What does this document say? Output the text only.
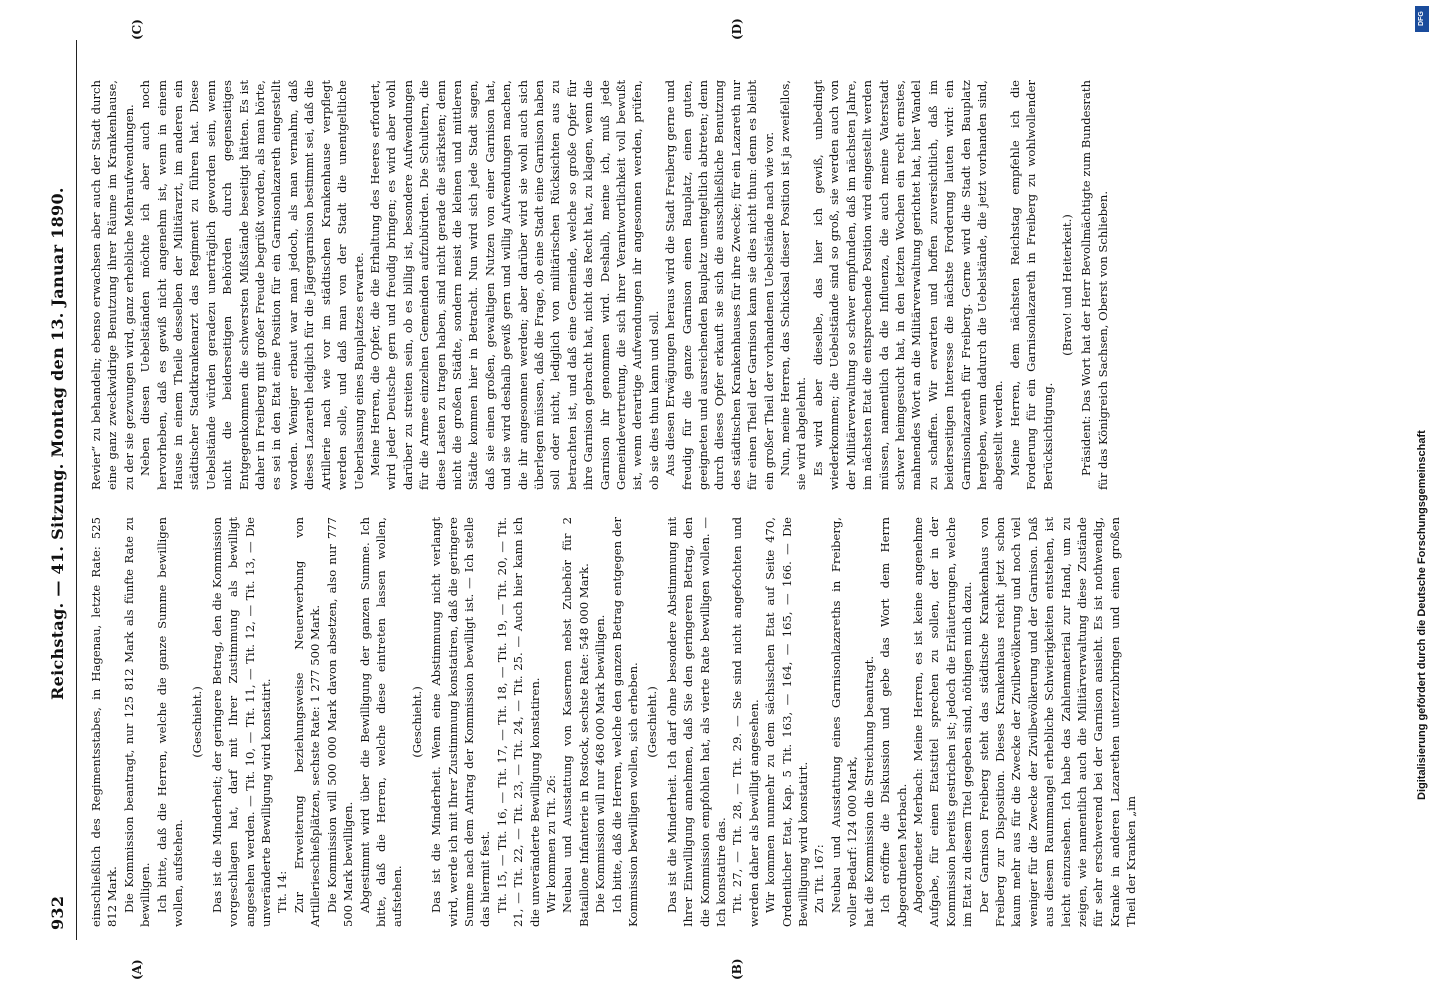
932
Reichstag. — 41. Sitzung. Montag den 13. Januar 1890.
(A)	(B)
(C)	(D)

einschließlich des Regimentsstabes, in Hagenau, letzte Rate: 525 812 Mark. Die Kommission beantragt, nur 125 812 Mark als fünfte Rate zu bewilligen. Ich bitte, daß die Herren, welche die ganze Summe bewilligen wollen, aufstehen.

(Geschieht.) Das ist die Minderheit; der geringere Betrag, den die Kommission vorgeschlagen hat, darf mit Ihrer Zustimmung als bewilligt angesehen werden. — Tit. 10, — Tit. 11, — Tit. 12, — Tit. 13, — Die unveränderte Bewilligung wird konstatirt. Tit. 14: Zur Erweiterung beziehungsweise Neuerwerbung von Artillerieschießplätzen, sechste Rate: 1 277 500 Mark. Die Kommission will 500 000 Mark davon absetzen, also nur 777 500 Mark bewilligen. Abgestimmt wird über die Bewilligung der ganzen Summe. Ich bitte, daß die Herren, welche diese eintreten lassen wollen, aufstehen.

(Geschieht.) Das ist die Minderheit. Wenn eine Abstimmung nicht verlangt wird, werde ich mit Ihrer Zustimmung konstatiren, daß die geringere Summe nach dem Antrag der Kommission bewilligt ist. — Ich stelle das hiermit fest. Tit. 15, — Tit. 16, — Tit. 17, — Tit. 18, — Tit. 19, — Tit. 20, — Tit. 21, — Tit. 22, — Tit. 23, — Tit. 24, — Tit. 25. — Auch hier kann ich die unveränderte Bewilligung konstatiren. Wir kommen zu Tit. 26: Neubau und Ausstattung von Kasernen nebst Zubehör für 2 Bataillone Infanterie in Rostock, sechste Rate: 548 000 Mark. Die Kommission will nur 468 000 Mark bewilligen. Ich bitte, daß die Herren, welche den ganzen Betrag entgegen der Kommission bewilligen wollen, sich erheben. (Geschieht.) Das ist die Minderheit. Ich darf ohne besondere Abstimmung mit Ihrer Einwilligung annehmen, daß Sie den geringeren Betrag, den die Kommission empfohlen hat, als vierte Rate bewilligen wollen. — Ich konstatire das. Tit. 27, — Tit. 28, — Tit. 29. — Sie sind nicht angefochten und werden daher als bewilligt angesehen. Wir kommen nunmehr zu dem sächsischen Etat auf Seite 470, Ordentlicher Etat, Kap. 5 Tit. 163, — 164, — 165, — 166. — Die Bewilligung wird konstatirt. Zu Tit. 167: Neubau und Ausstattung eines Garnisonlazareths in Freiberg, voller Bedarf: 124 000 Mark, hat die Kommission die Streichung beantragt. Ich eröffne die Diskussion und gebe das Wort dem Herrn Abgeordneten Merbach. Abgeordneter Merbach: Meine Herren, es ist keine angenehme Aufgabe, für einen Etatstitel sprechen zu sollen, der in der Kommission bereits gestrichen ist; jedoch die Erläuterungen, welche im Etat zu diesem Titel gegeben sind, nöthigen mich dazu. Der Garnison Freiberg steht das städtische Krankenhaus von Freiberg zur Disposition. Dieses Krankenhaus reicht jetzt schon kaum mehr aus für die Zwecke der Zivilbevölkerung und noch viel weniger für die Zwecke der Zivilbevölkerung und der Garnison. Daß aus diesem Raummangel erhebliche Schwierigkeiten entstehen, ist leicht einzusehen. Ich habe das Zahlenmaterial zur Hand, um zu zeigen, wie namentlich auch die Militärverwaltung diese Zustände für sehr erschwerend bei der Garnison ansieht. Es ist nothwendig, Kranke in anderen Lazarethen unterzubringen und einen großen Theil der Kranken „im

Revier“ zu behandeln; ebenso erwachsen aber auch der Stadt durch eine ganz zweckwidrige Benutzung ihrer Räume im Krankenhause, zu der sie gezwungen wird, ganz erhebliche Mehraufwendungen. Neben diesen Uebelständen möchte ich aber auch noch hervorheben, daß es gewiß nicht angenehm ist, wenn in einem Hause in einem Theile desselben der Militärarzt, im anderen ein städtischer Stadtkrankenarzt das Regiment zu führen hat. Diese Uebelstände würden geradezu unerträglich geworden sein, wenn nicht die beiderseitigen Behörden durch gegenseitiges Entgegenkommen die schwersten Mißstände beseitigt hätten. Es ist daher in Freiberg mit großer Freude begrüßt worden, als man hörte, es sei in den Etat eine Position für ein Garnisonlazareth eingestellt worden. Weniger erbaut war man jedoch, als man vernahm, daß dieses Lazareth lediglich für die Jägergarnison bestimmt sei, daß die Artillerie nach wie vor im städtischen Krankenhause verpflegt werden solle, und daß man von der Stadt die unentgeltliche Ueberlassung eines Bauplatzes erwarte. Meine Herren, die Opfer, die die Erhaltung des Heeres erfordert, wird jeder Deutsche gern und freudig bringen; es wird aber wohl darüber zu streiten sein, ob es billig ist, besondere Aufwendungen für die Armee einzelnen Gemeinden aufzubürden. Die Schultern, die diese Lasten zu tragen haben, sind nicht gerade die stärksten; denn nicht die großen Städte, sondern meist die kleinen und mittleren Städte kommen hier in Betracht. Nun wird sich jede Stadt sagen, daß sie einen großen, gewaltigen Nutzen von einer Garnison hat, und sie wird deshalb gewiß gern und willig Aufwendungen machen, die ihr angesonnen werden; aber darüber wird sie wohl auch sich überlegen müssen, daß die Frage, ob eine Stadt eine Garnison haben soll oder nicht, lediglich von militärischen Rücksichten aus zu betrachten ist, und daß eine Gemeinde, welche so große Opfer für ihre Garnison gebracht hat, nicht das Recht hat, zu klagen, wenn die Garnison ihr genommen wird. Deshalb, meine ich, muß jede Gemeindevertretung, die sich ihrer Verantwortlichkeit voll bewußt ist, wenn derartige Aufwendungen ihr angesonnen werden, prüfen, ob sie dies thun kann und soll. Aus diesen Erwägungen heraus wird die Stadt Freiberg gerne und freudig für die ganze Garnison einen Bauplatz, einen guten, geeigneten und ausreichenden Bauplatz unentgeltlich abtreten; denn durch dieses Opfer erkauft sie sich die ausschließliche Benutzung des städtischen Krankenhauses für ihre Zwecke; für ein Lazareth nur für einen Theil der Garnison kann sie dies nicht thun: denn es bleibt ein großer Theil der vorhandenen Uebelstände nach wie vor. Nun, meine Herren, das Schicksal dieser Position ist ja zweifellos, sie wird abgelehnt. Es wird aber dieselbe, das hier ich gewiß, unbedingt wiederkommen; die Uebelstände sind so groß, sie werden auch von der Militärverwaltung so schwer empfunden, daß im nächsten Jahre, im nächsten Etat die entsprechende Position wird eingestellt werden müssen, namentlich da die Influenza, die auch meine Vaterstadt schwer heimgesucht hat, in den letzten Wochen ein recht ernstes, mahnendes Wort an die Militärverwaltung gerichtet hat, hier Wandel zu schaffen. Wir erwarten und hoffen zuversichtlich, daß im beiderseitigen Interesse die nächste Forderung lauten wird: ein Garnisonlazareth für Freiberg. Gerne wird die Stadt den Bauplatz hergeben, wenn dadurch die Uebelstände, die jetzt vorhanden sind, abgestellt werden. Meine Herren, dem nächsten Reichstag empfehle ich die Forderung für ein Garnisonlazareth in Freiberg zu wohlwollender Berücksichtigung.

(Bravo! und Heiterkeit.) Präsident: Das Wort hat der Herr Bevollmächtigte zum Bundesrath für das Königreich Sachsen, Oberst von Schlieben.

Digitalisierung gefördert durch die Deutsche Forschungsgemeinschaft
DFG
